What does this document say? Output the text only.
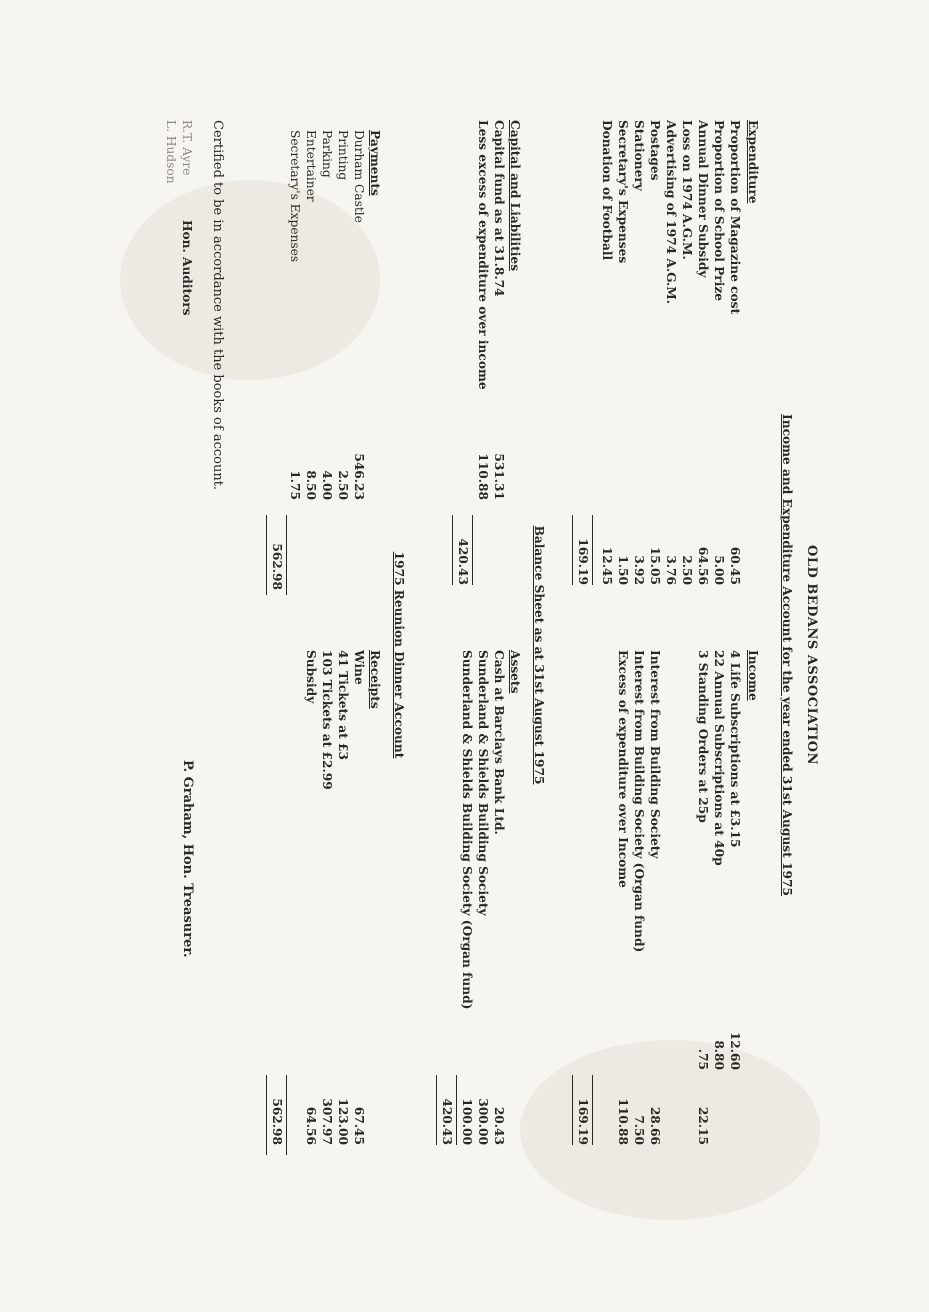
OLD BEDANS ASSOCIATION
Income and Expenditure Account for the year ended 31st August 1975
Expenditure
169.19
Income
169.19
Balance Sheet as at 31st August 1975
Capital and Liabilities
420.43
Assets
420.43
1975 Reunion Dinner Account
Payments
562.98
Receipts
562.98
Certified to be in accordance with the books of account.
R.T. Ayre
L. Hudson
Hon. Auditors
P. Graham, Hon. Treasurer.
Proportion of Magazine cost
60.45
Proportion of School Prize
5.00
Annual Dinner Subsidy
64.56
Loss on 1974 A.G.M.
2.50
Advertising of 1974 A.G.M.
3.76
Postages
15.05
Stationery
3.92
Secretary's Expenses
1.50
Donation of Football
12.45
4 Life Subscriptions at £3.15
12.60
22 Annual Subscriptions at 40p
8.80
3 Standing Orders at 25p
.75
22.15
Interest from Building Society
28.66
Interest from Building Society (Organ fund)
7.50
Excess of expenditure over Income
110.88
Capital fund as at 31.8.74
531.31
Less excess of expenditure over income
110.88
Cash at Barclays Bank Ltd.
20.43
Sunderland & Shields Building Society
300.00
Sunderland & Shields Building Society (Organ fund)
100.00
Durham Castle
546.23
Printing
2.50
Parking
4.00
Entertainer
8.50
Secretary's Expenses
1.75
Wine
67.45
41 Tickets at £3
123.00
103 Tickets at £2.99
307.97
Subsidy
64.56
